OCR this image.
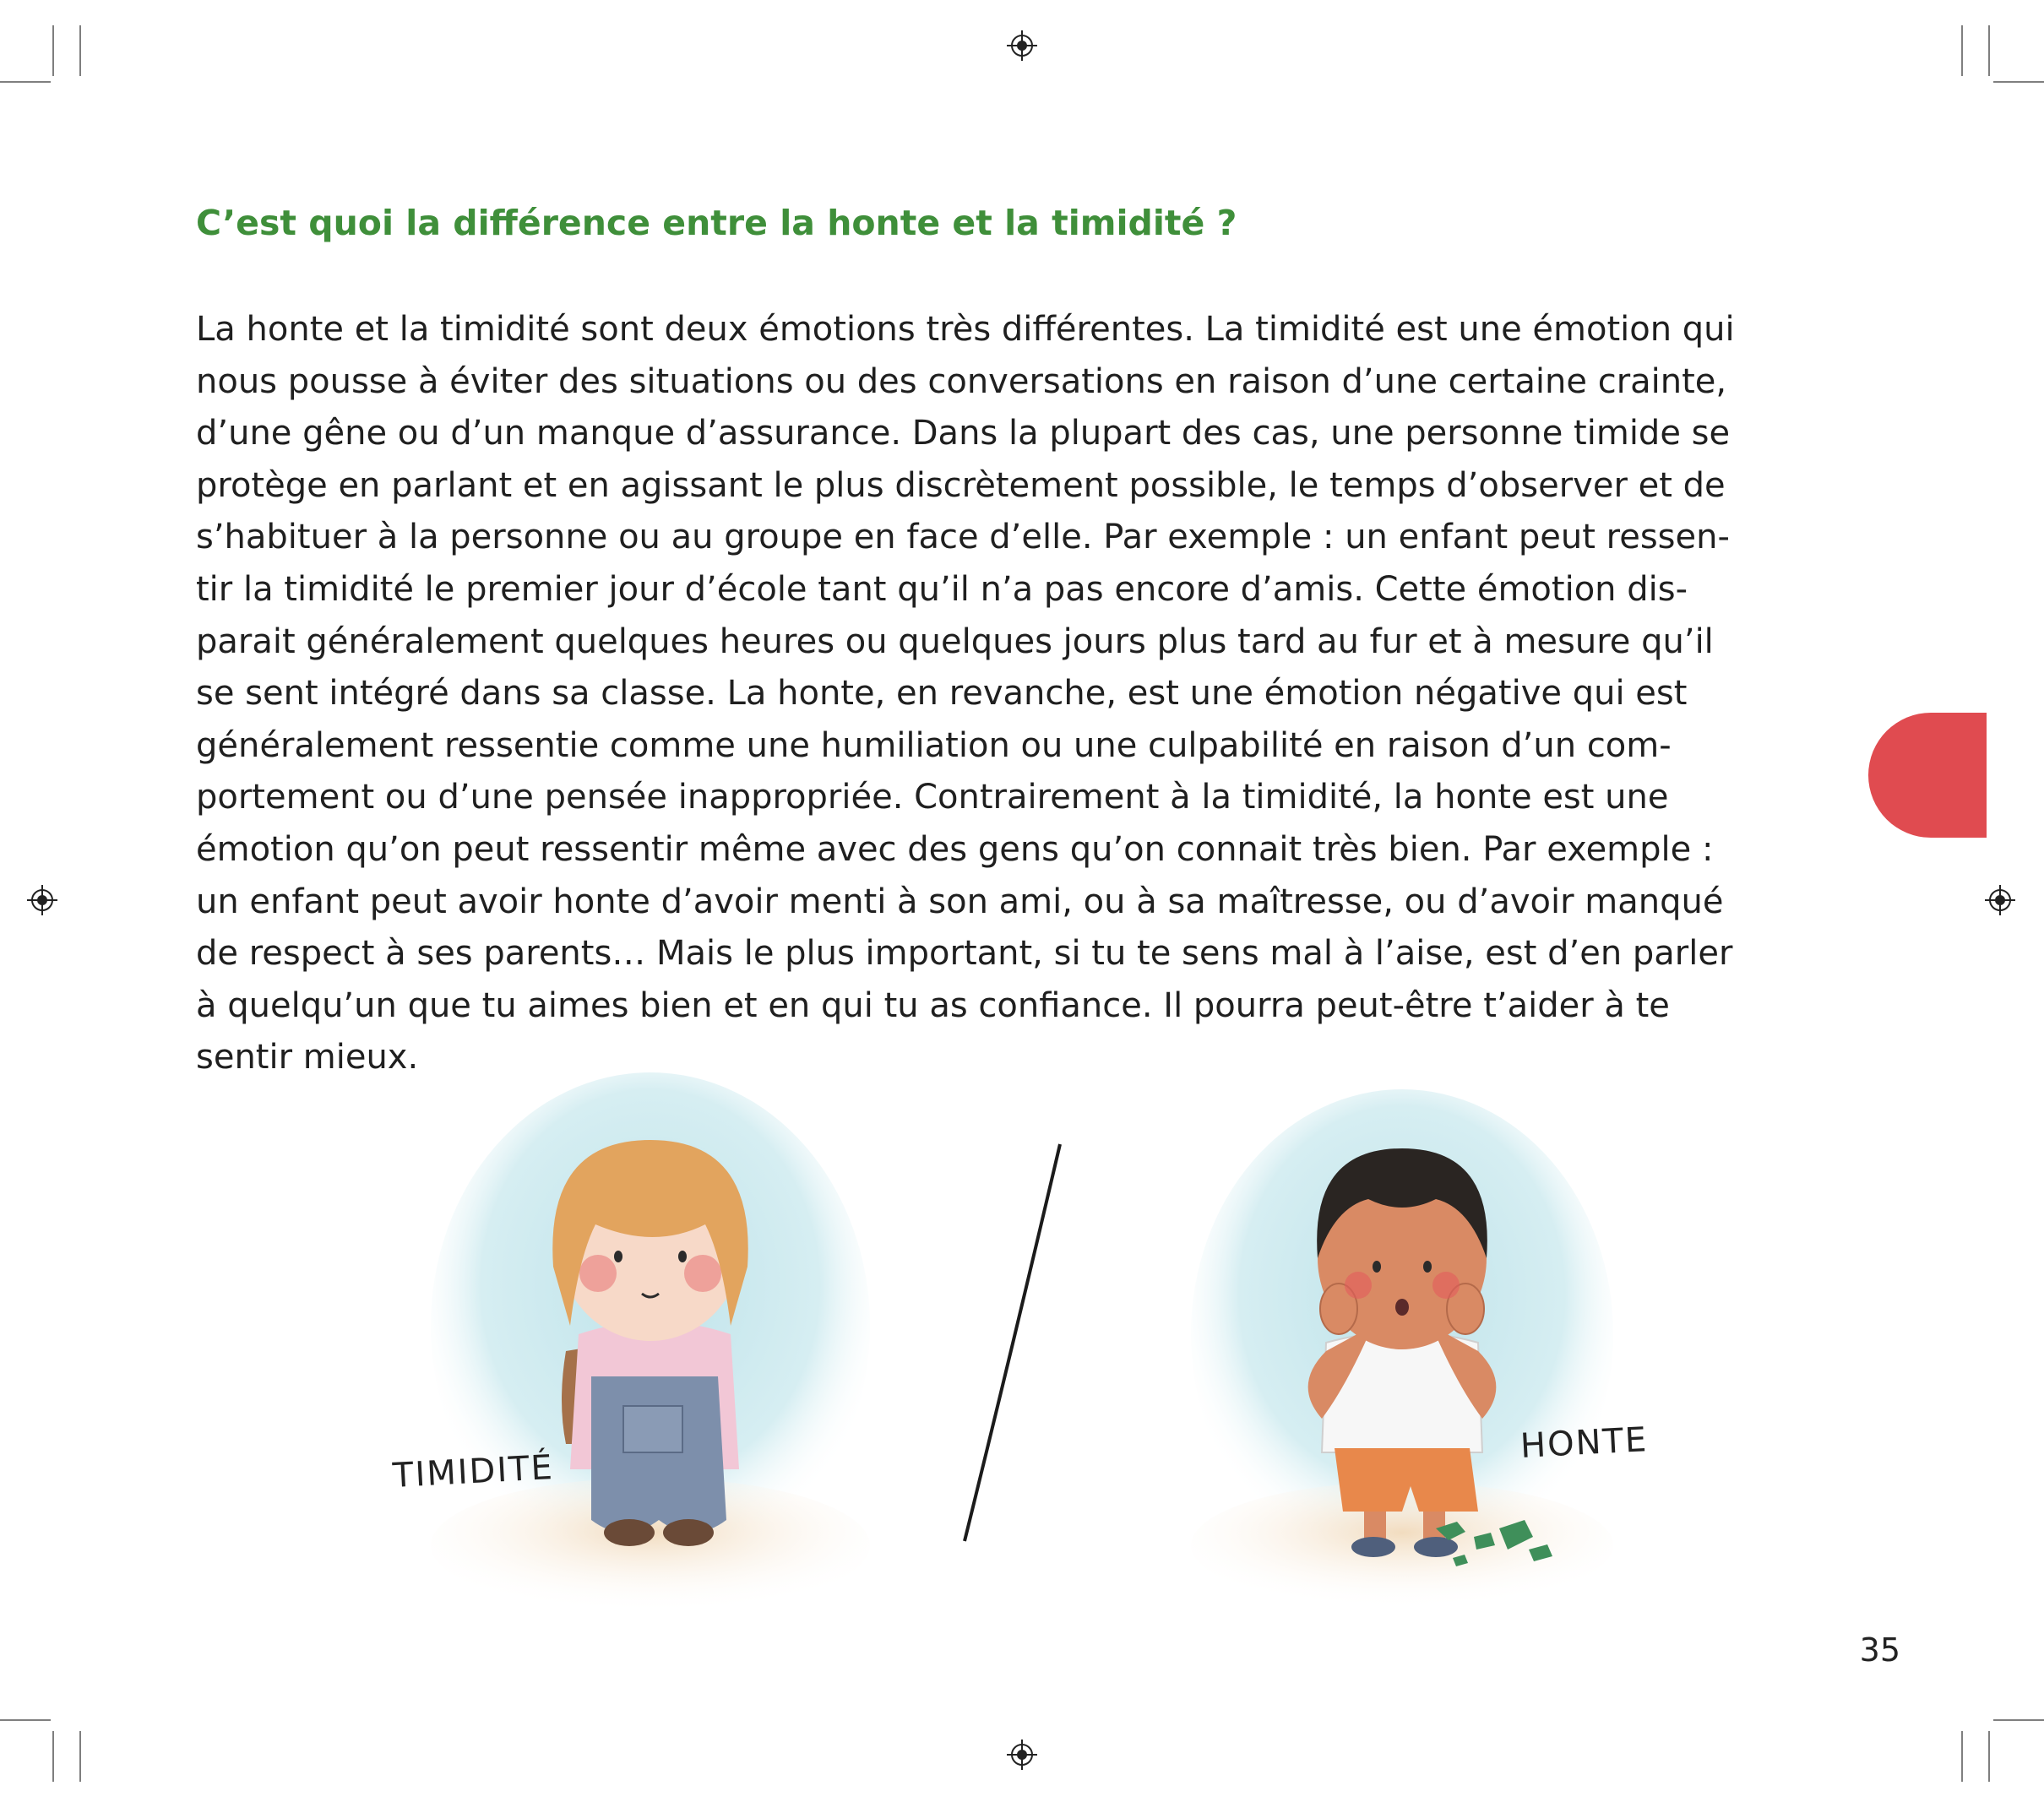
C’est quoi la différence entre la honte et la timidité ?
La honte et la timidité sont deux émotions très différentes. La timidité est une émotion qui
nous pousse à éviter des situations ou des conversations en raison d’une certaine crainte,
d’une gêne ou d’un manque d’assurance. Dans la plupart des cas, une personne timide se
protège en parlant et en agissant le plus discrètement possible, le temps d’observer et de
s’habituer à la personne ou au groupe en face d’elle. Par exemple : un enfant peut ressen-
tir la timidité le premier jour d’école tant qu’il n’a pas encore d’amis. Cette émotion dis-
parait généralement quelques heures ou quelques jours plus tard au fur et à mesure qu’il
se sent intégré dans sa classe. La honte, en revanche, est une émotion négative qui est
généralement ressentie comme une humiliation ou une culpabilité en raison d’un com-
portement ou d’une pensée inappropriée. Contrairement à la timidité, la honte est une
émotion qu’on peut ressentir même avec des gens qu’on connait très bien. Par exemple :
un enfant peut avoir honte d’avoir menti à son ami, ou à sa maîtresse, ou d’avoir manqué
de respect à ses parents… Mais le plus important, si tu te sens mal à l’aise, est d’en parler
à quelqu’un que tu aimes bien et en qui tu as confiance. Il pourra peut-être t’aider à te
sentir mieux.
TIMIDITÉ
HONTE
35
